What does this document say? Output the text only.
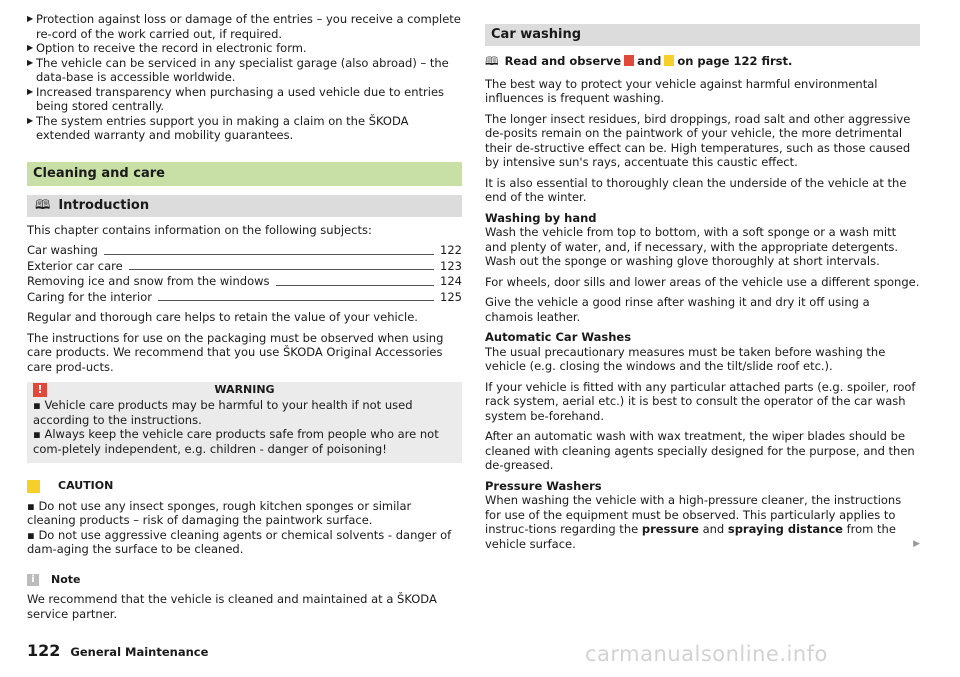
▶ Protection against loss or damage of the entries – you receive a complete re-cord of the work carried out, if required.

▶ Option to receive the record in electronic form.

▶ The vehicle can be serviced in any specialist garage (also abroad) – the data-base is accessible worldwide.

▶ Increased transparency when purchasing a used vehicle due to entries being stored centrally.

▶ The system entries support you in making a claim on the ŠKODA extended warranty and mobility guarantees.

Cleaning and care
🕮 Introduction

This chapter contains information on the following subjects:

Car washing	122
Exterior car care	123
Removing ice and snow from the windows	124
Caring for the interior	125

Regular and thorough care helps to retain the value of your vehicle.

The instructions for use on the packaging must be observed when using care products. We recommend that you use ŠKODA Original Accessories care prod-ucts.

!	WARNING

▪ Vehicle care products may be harmful to your health if not used according to the instructions.

▪ Always keep the vehicle care products safe from people who are not com-pletely independent, e.g. children - danger of poisoning!

CAUTION

▪ Do not use any insect sponges, rough kitchen sponges or similar cleaning products – risk of damaging the paintwork surface.

▪ Do not use aggressive cleaning agents or chemical solvents - danger of dam-aging the surface to be cleaned.

i	Note

We recommend that the vehicle is cleaned and maintained at a ŠKODA service partner.

Car washing

🕮 Read and observe and on page 122 first.

The best way to protect your vehicle against harmful environmental influences is frequent washing.

The longer insect residues, bird droppings, road salt and other aggressive de-posits remain on the paintwork of your vehicle, the more detrimental their de-structive effect can be. High temperatures, such as those caused by intensive sun's rays, accentuate this caustic effect.

It is also essential to thoroughly clean the underside of the vehicle at the end of the winter.

Washing by hand

Wash the vehicle from top to bottom, with a soft sponge or a wash mitt and plenty of water, and, if necessary, with the appropriate detergents. Wash out the sponge or washing glove thoroughly at short intervals.

For wheels, door sills and lower areas of the vehicle use a different sponge.

Give the vehicle a good rinse after washing it and dry it off using a chamois leather.

Automatic Car Washes

The usual precautionary measures must be taken before washing the vehicle (e.g. closing the windows and the tilt/slide roof etc.).

If your vehicle is fitted with any particular attached parts (e.g. spoiler, roof rack system, aerial etc.) it is best to consult the operator of the car wash system be-forehand.

After an automatic wash with wax treatment, the wiper blades should be cleaned with cleaning agents specially designed for the purpose, and then de-greased.

Pressure Washers

When washing the vehicle with a high-pressure cleaner, the instructions for use of the equipment must be observed. This particularly applies to instruc-tions regarding the pressure and spraying distance from the vehicle surface.	▶

122 General Maintenance	carmanualsonline.info
